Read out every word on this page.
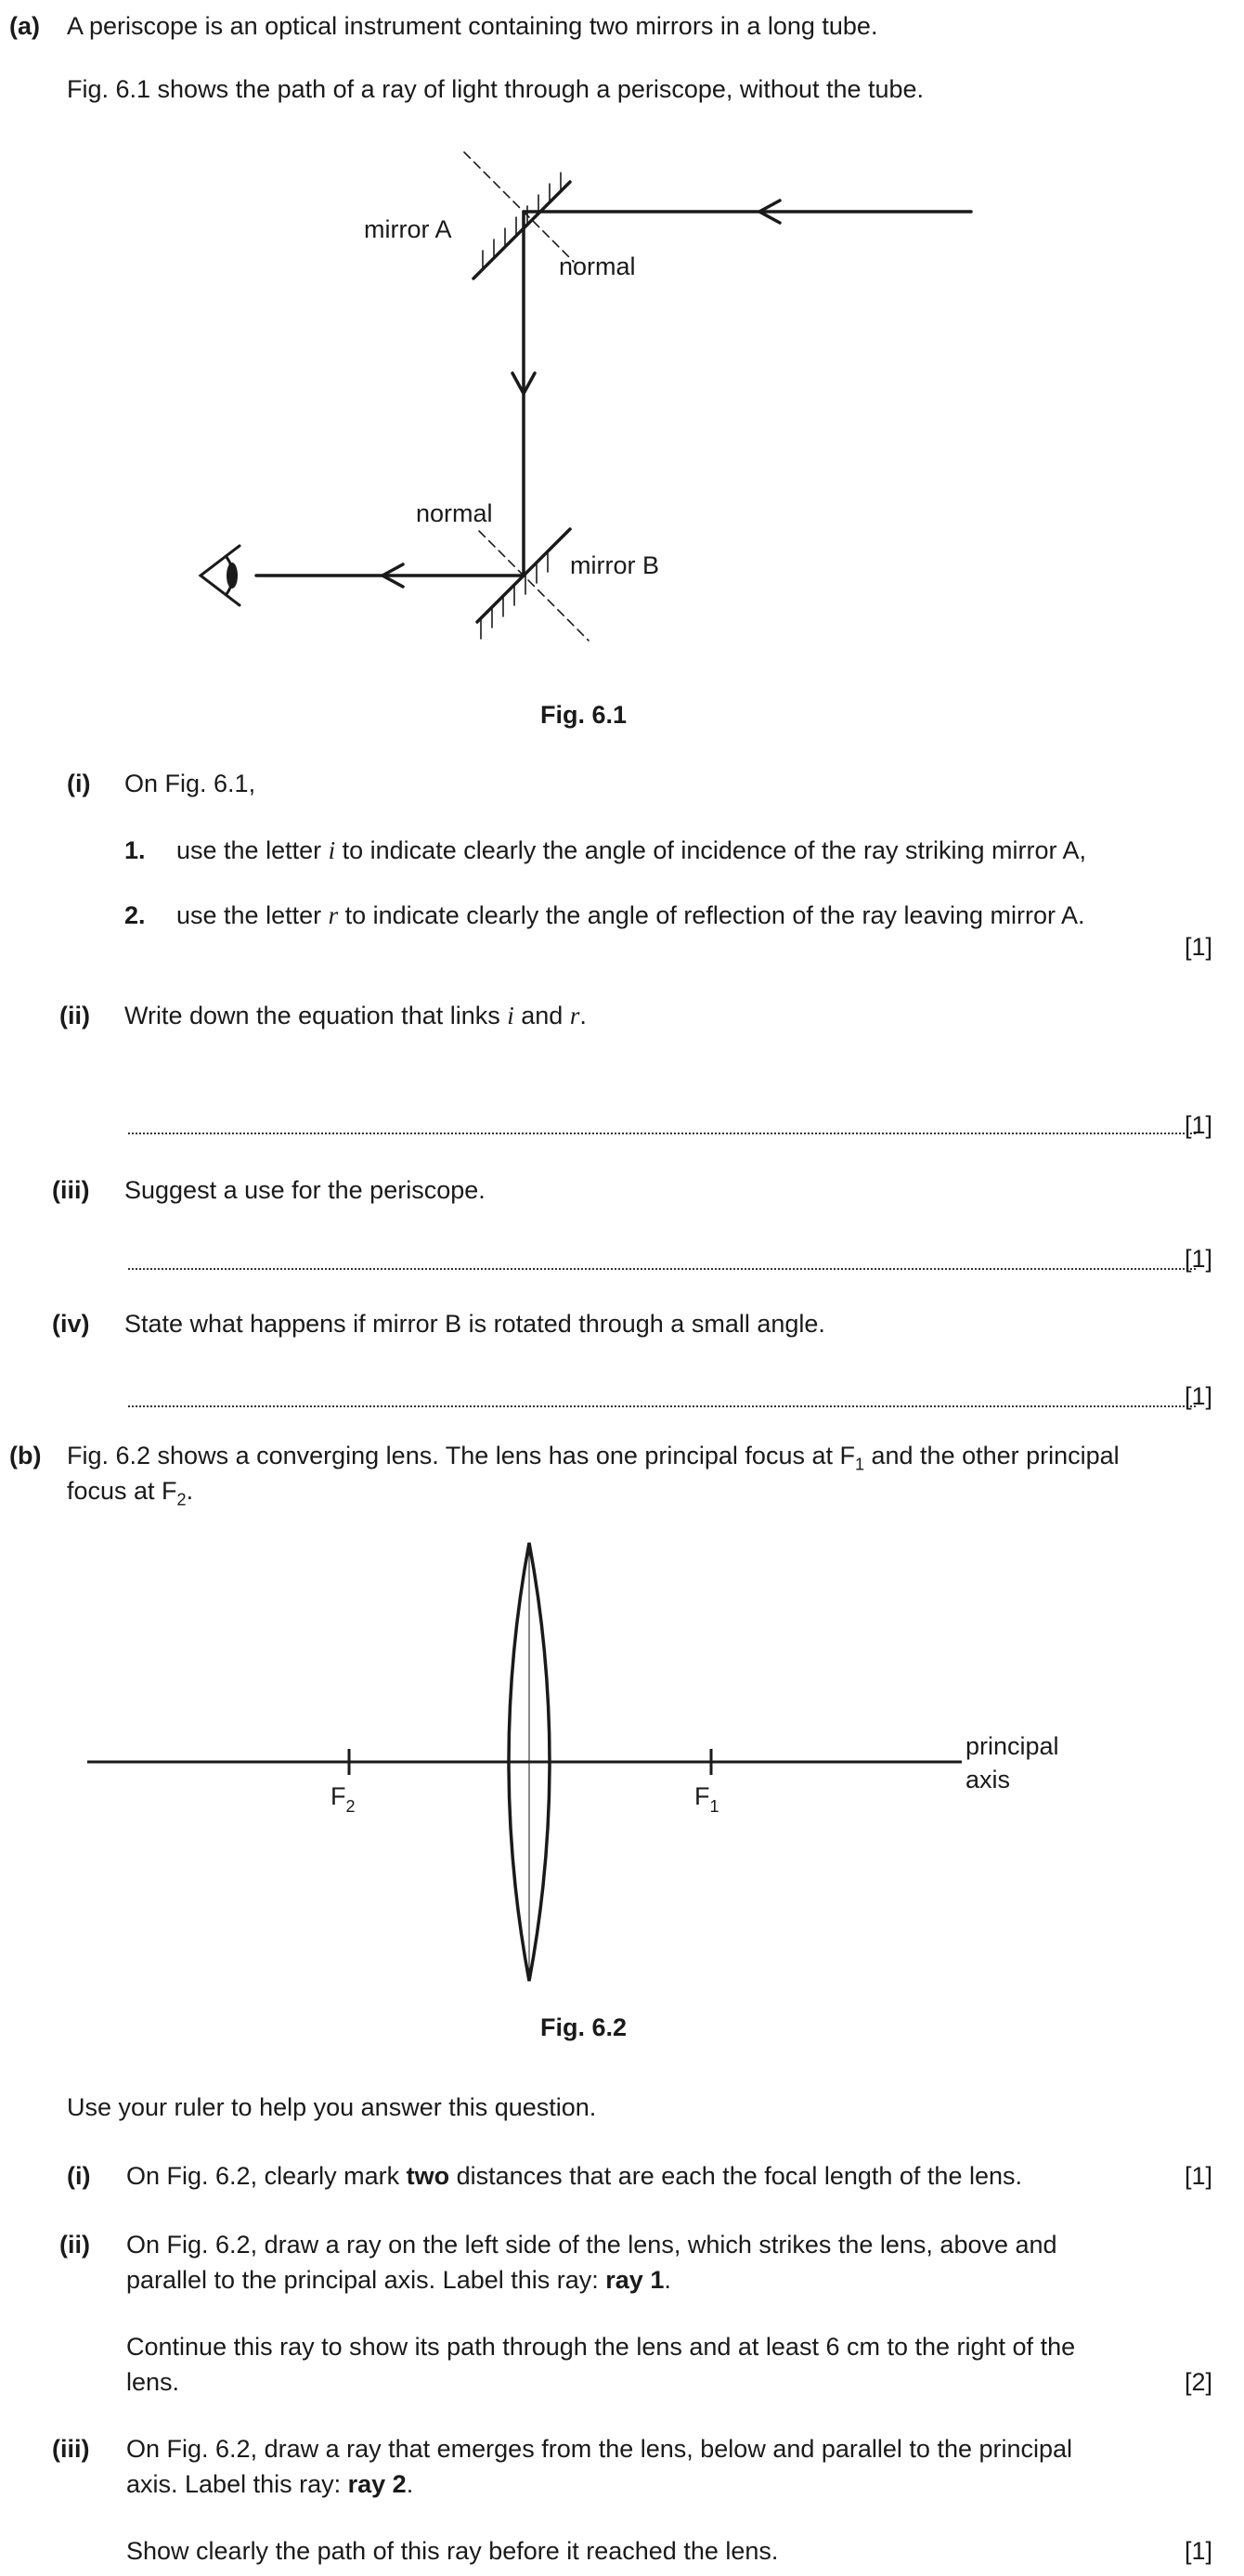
(a) A periscope is an optical instrument containing two mirrors in a long tube.
Fig. 6.1 shows the path of a ray of light through a periscope, without the tube.
mirror A
normal
normal
mirror B
Fig. 6.1
(i) On Fig. 6.1,
1. use the letter i to indicate clearly the angle of incidence of the ray striking mirror A,
2. use the letter r to indicate clearly the angle of reflection of the ray leaving mirror A.
[1]
(ii) Write down the equation that links i and r.
[1]
(iii) Suggest a use for the periscope.
[1]
(iv) State what happens if mirror B is rotated through a small angle.
[1]
(b) Fig. 6.2 shows a converging lens. The lens has one principal focus at $F_1$ and the other principal
focus at $F_2$.
$F_2$	$F_1$
principal
axis
Fig. 6.2
Use your ruler to help you answer this question.
(i) On Fig. 6.2, clearly mark two distances that are each the focal length of the lens.	[1]
(ii) On Fig. 6.2, draw a ray on the left side of the lens, which strikes the lens, above and
parallel to the principal axis. Label this ray: ray 1.
Continue this ray to show its path through the lens and at least 6 cm to the right of the
lens.	[2]
(iii) On Fig. 6.2, draw a ray that emerges from the lens, below and parallel to the principal
axis. Label this ray: ray 2.
Show clearly the path of this ray before it reached the lens.	[1]
